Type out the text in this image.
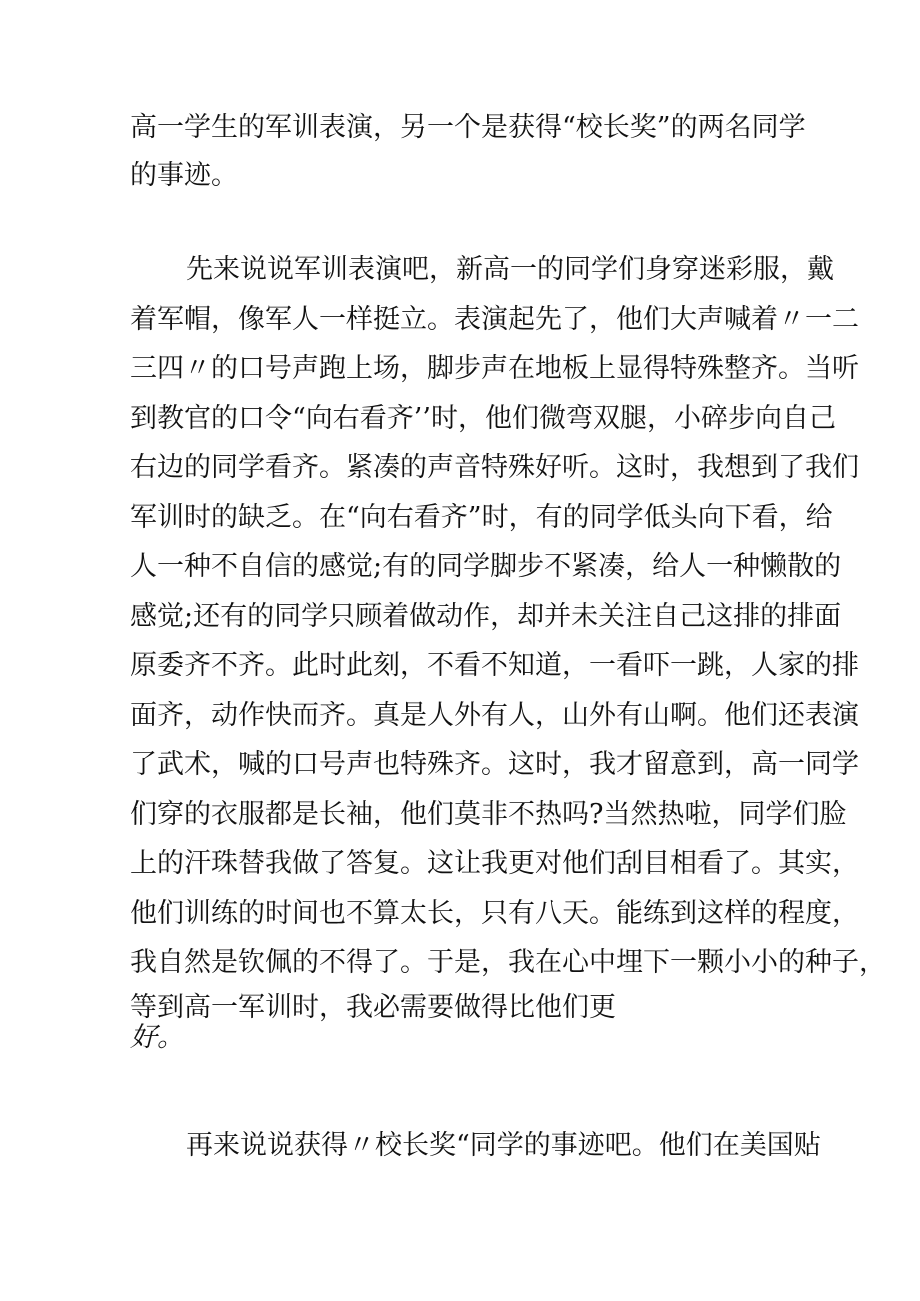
高一学生的军训表演，另一个是获得“校长奖”的两名同学
的事迹。
先来说说军训表演吧，新高一的同学们身穿迷彩服，戴
着军帽，像军人一样挺立。表演起先了，他们大声喊着〃一二
三四〃的口号声跑上场，脚步声在地板上显得特殊整齐。当听
到教官的口令“向右看齐’’时，他们微弯双腿，小碎步向自己
右边的同学看齐。紧凑的声音特殊好听。这时，我想到了我们
军训时的缺乏。在“向右看齐”时，有的同学低头向下看，给
人一种不自信的感觉;有的同学脚步不紧凑，给人一种懒散的
感觉;还有的同学只顾着做动作，却并未关注自己这排的排面
原委齐不齐。此时此刻，不看不知道，一看吓一跳，人家的排
面齐，动作快而齐。真是人外有人，山外有山啊。他们还表演
了武术，喊的口号声也特殊齐。这时，我才留意到，高一同学
们穿的衣服都是长袖，他们莫非不热吗?当然热啦，同学们脸
上的汗珠替我做了答复。这让我更对他们刮目相看了。其实，
他们训练的时间也不算太长，只有八天。能练到这样的程度，
我自然是钦佩的不得了。于是，我在心中埋下一颗小小的种子，
等到高一军训时，我必需要做得比他们更
好。
再来说说获得〃校长奖“同学的事迹吧。他们在美国贴
